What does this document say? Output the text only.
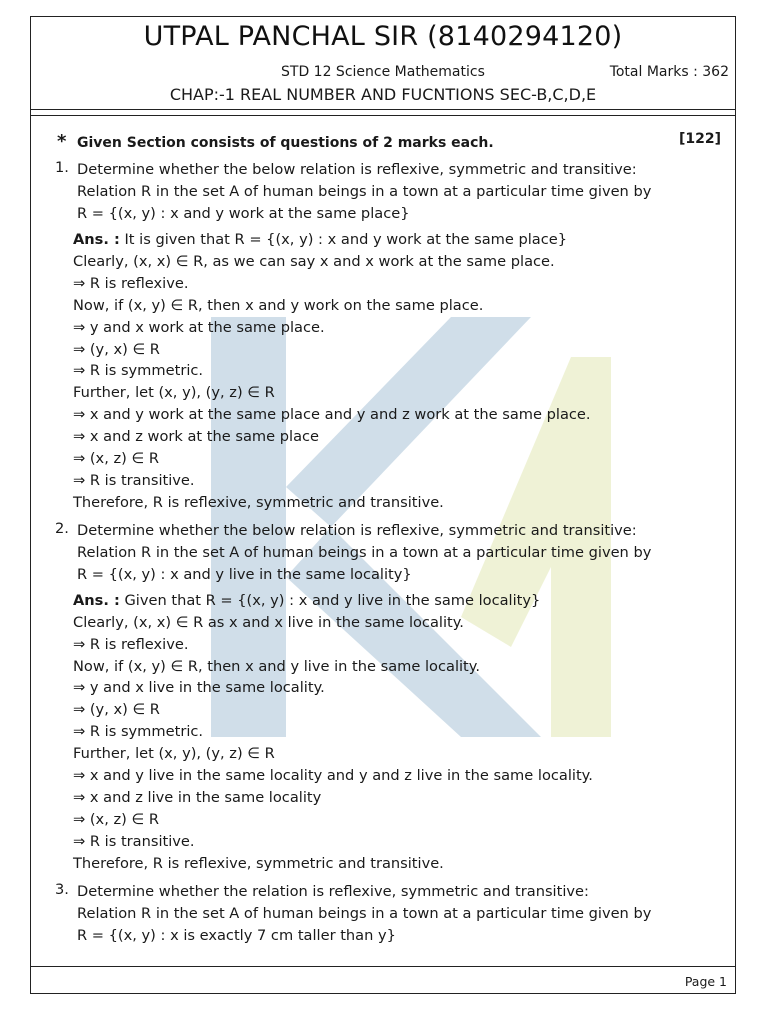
UTPAL PANCHAL SIR (8140294120)
STD 12 Science Mathematics	Total Marks : 362
CHAP:-1 REAL NUMBER AND FUCNTIONS SEC-B,C,D,E
* Given Section consists of questions of 2 marks each.	[122]
1. Determine whether the below relation is reflexive, symmetric and transitive:
Relation R in the set A of human beings in a town at a particular time given by
R = {(x, y) : x and y work at the same place}
Ans. : It is given that R = {(x, y) : x and y work at the same place}
Clearly, (x, x) ∈ R, as we can say x and x work at the same place.
⇒ R is reflexive.
Now, if (x, y) ∈ R, then x and y work on the same place.
⇒ y and x work at the same place.
⇒ (y, x) ∈ R
⇒ R is symmetric.
Further, let (x, y), (y, z) ∈ R
⇒ x and y work at the same place and y and z work at the same place.
⇒ x and z work at the same place
⇒ (x, z) ∈ R
⇒ R is transitive.
Therefore, R is reflexive, symmetric and transitive.
2. Determine whether the below relation is reflexive, symmetric and transitive:
Relation R in the set A of human beings in a town at a particular time given by
R = {(x, y) : x and y live in the same locality}
Ans. : Given that R = {(x, y) : x and y live in the same locality}
Clearly, (x, x) ∈ R as x and x live in the same locality.
⇒ R is reflexive.
Now, if (x, y) ∈ R, then x and y live in the same locality.
⇒ y and x live in the same locality.
⇒ (y, x) ∈ R
⇒ R is symmetric.
Further, let (x, y), (y, z) ∈ R
⇒ x and y live in the same locality and y and z live in the same locality.
⇒ x and z live in the same locality
⇒ (x, z) ∈ R
⇒ R is transitive.
Therefore, R is reflexive, symmetric and transitive.
3. Determine whether the relation is reflexive, symmetric and transitive:
Relation R in the set A of human beings in a town at a particular time given by
R = {(x, y) : x is exactly 7 cm taller than y}
Page 1
